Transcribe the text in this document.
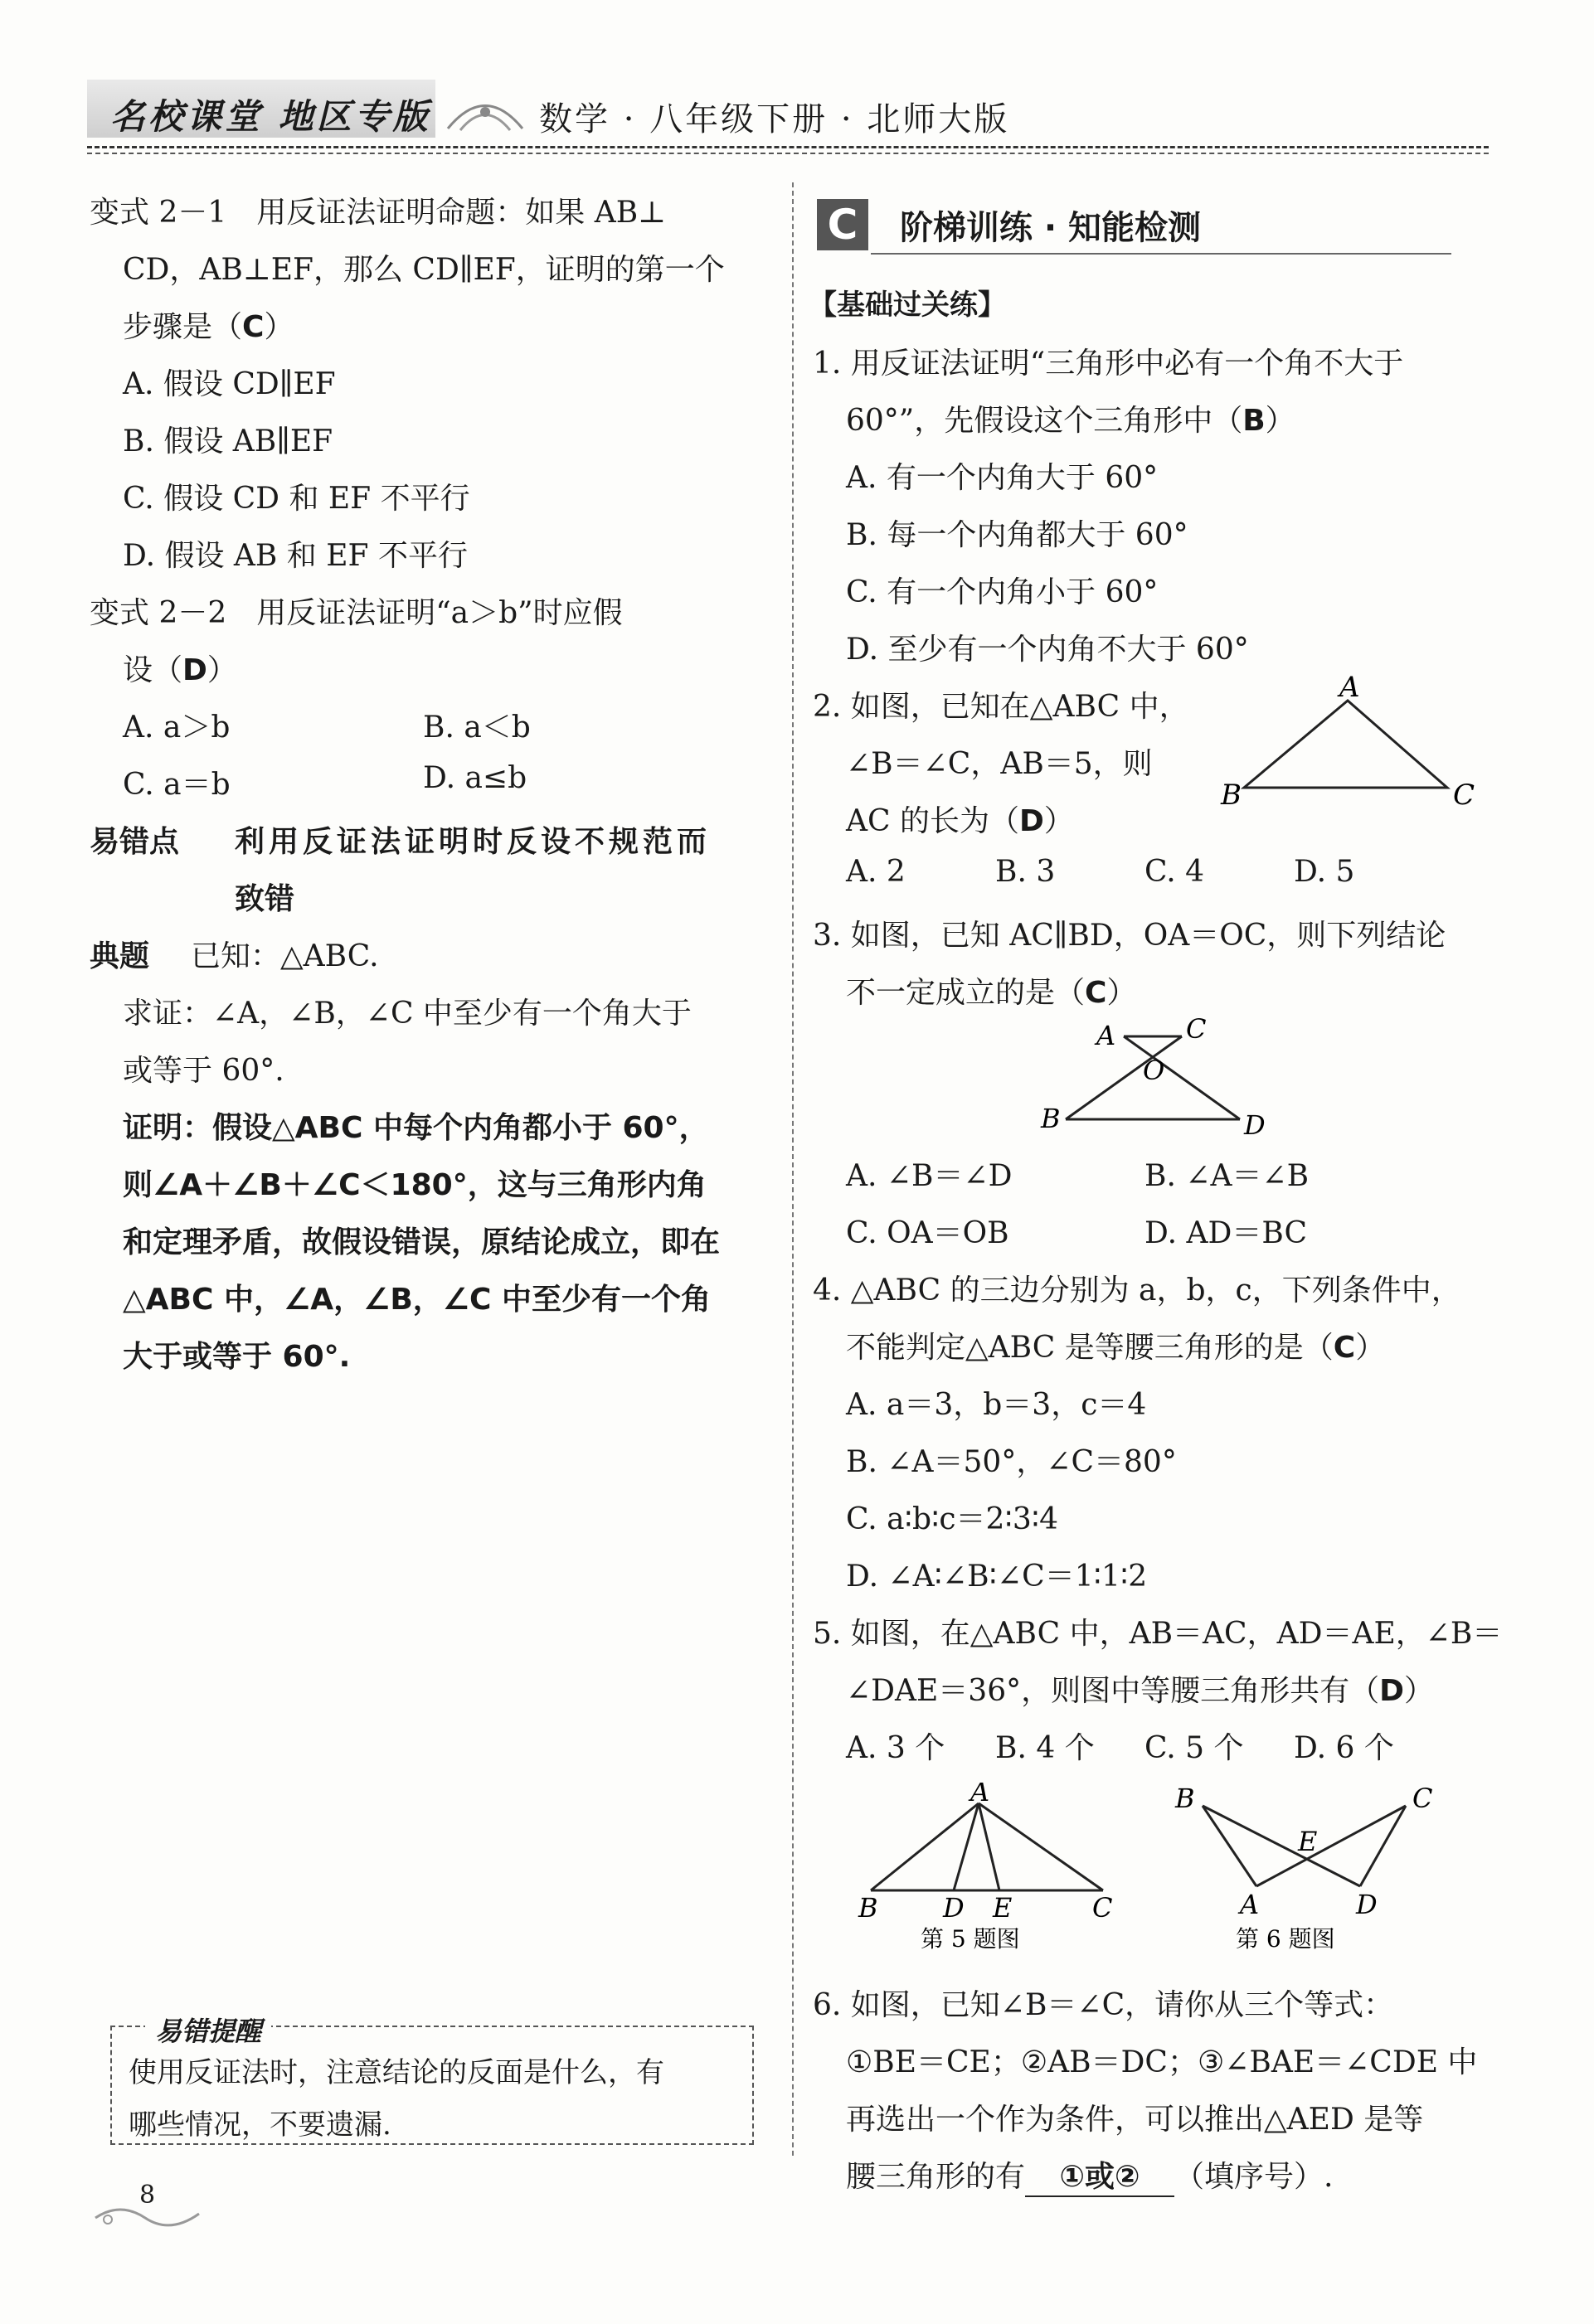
名校课堂 地区专版	数学 · 八年级下册 · 北师大版
变式 2－1　用反证法证明命题：如果 AB⊥
CD，AB⊥EF，那么 CD∥EF，证明的第一个
步骤是（C）
A. 假设 CD∥EF
B. 假设 AB∥EF
C. 假设 CD 和 EF 不平行
D. 假设 AB 和 EF 不平行
变式 2－2　用反证法证明“a＞b”时应假
设（D）
A. a＞b	B. a＜b
C. a＝b	D. a≤b
易错点 利用反证法证明时反设不规范而
致错
典题 已知：△ABC.
求证：∠A，∠B，∠C 中至少有一个角大于
或等于 60°.
证明：假设△ABC 中每个内角都小于 60°，
则∠A＋∠B＋∠C＜180°，这与三角形内角
和定理矛盾，故假设错误，原结论成立，即在
△ABC 中，∠A，∠B，∠C 中至少有一个角
大于或等于 60°.
易错提醒
使用反证法时，注意结论的反面是什么，有
哪些情况，不要遗漏.
8
C	阶梯训练 · 知能检测
【基础过关练】
1. 用反证法证明“三角形中必有一个角不大于
60°”，先假设这个三角形中（B）
A. 有一个内角大于 60°
B. 每一个内角都大于 60°
C. 有一个内角小于 60°
D. 至少有一个内角不大于 60°
2. 如图，已知在△ABC 中，
∠B＝∠C，AB＝5，则
AC 的长为（D）
A. 2	B. 3	C. 4	D. 5
A
B	C
3. 如图，已知 AC∥BD，OA＝OC，则下列结论
不一定成立的是（C）
A	C
O
B	D
A. ∠B＝∠D	B. ∠A＝∠B
C. OA＝OB	D. AD＝BC
4. △ABC 的三边分别为 a，b，c，下列条件中，
不能判定△ABC 是等腰三角形的是（C）
A. a＝3，b＝3，c＝4
B. ∠A＝50°，∠C＝80°
C. a∶b∶c＝2∶3∶4
D. ∠A∶∠B∶∠C＝1∶1∶2
5. 如图，在△ABC 中，AB＝AC，AD＝AE，∠B＝
∠DAE＝36°，则图中等腰三角形共有（D）
A. 3 个 B. 4 个 C. 5 个 D. 6 个
A
B D E	C
第 5 题图
B	C
E
A	D
第 6 题图
6. 如图，已知∠B＝∠C，请你从三个等式：
①BE＝CE；②AB＝DC；③∠BAE＝∠CDE 中
再选出一个作为条件，可以推出△AED 是等
腰三角形的有 ①或② （填序号）.
